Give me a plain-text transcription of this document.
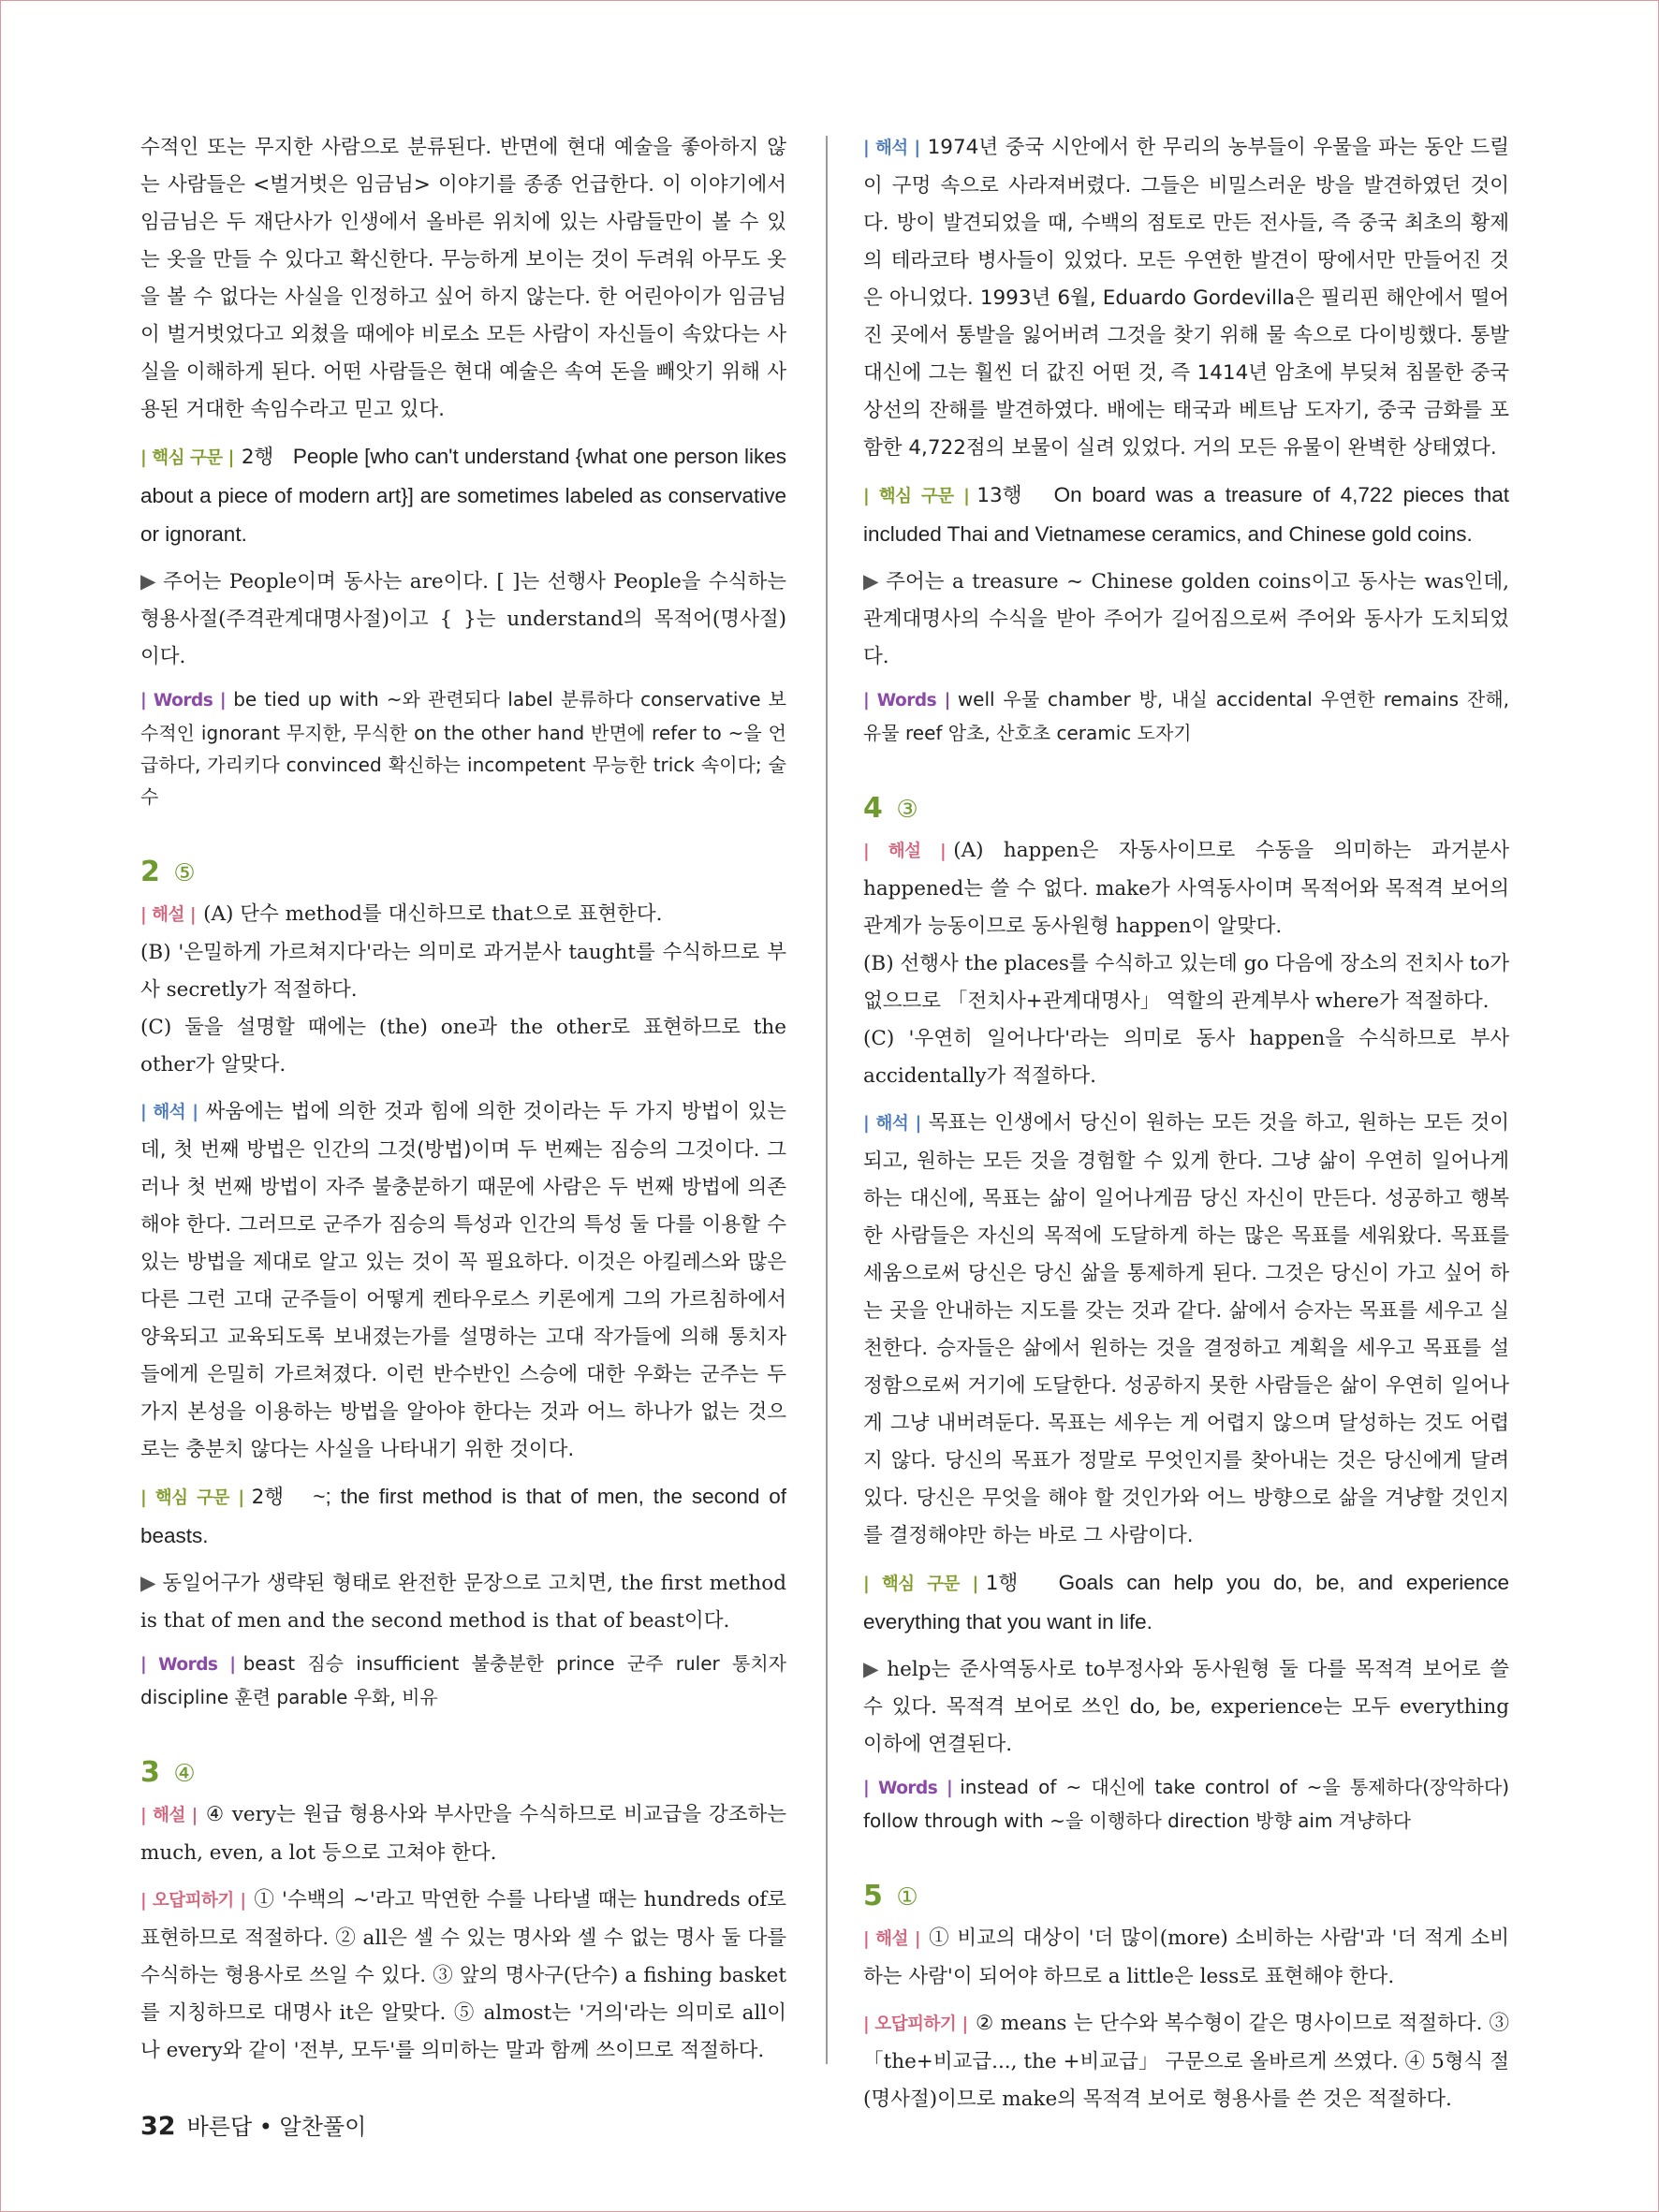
수적인 또는 무지한 사람으로 분류된다. 반면에 현대 예술을 좋아하지 않는 사람들은 <벌거벗은 임금님> 이야기를 종종 언급한다. 이 이야기에서 임금님은 두 재단사가 인생에서 올바른 위치에 있는 사람들만이 볼 수 있는 옷을 만들 수 있다고 확신한다. 무능하게 보이는 것이 두려워 아무도 옷을 볼 수 없다는 사실을 인정하고 싶어 하지 않는다. 한 어린아이가 임금님이 벌거벗었다고 외쳤을 때에야 비로소 모든 사람이 자신들이 속았다는 사실을 이해하게 된다. 어떤 사람들은 현대 예술은 속여 돈을 빼앗기 위해 사용된 거대한 속임수라고 믿고 있다.

| 핵심 구문 | 2행 People [who can't understand {what one person likes about a piece of modern art}] are sometimes labeled as conservative or ignorant.

▶ 주어는 People이며 동사는 are이다. [ ]는 선행사 People을 수식하는 형용사절(주격관계대명사절)이고 { }는 understand의 목적어(명사절)이다.

| Words | be tied up with ~와 관련되다 label 분류하다 conservative 보수적인 ignorant 무지한, 무식한 on the other hand 반면에 refer to ~을 언급하다, 가리키다 convinced 확신하는 incompetent 무능한 trick 속이다; 술수

2 ⑤
| 해설 | (A) 단수 method를 대신하므로 that으로 표현한다.
(B) '은밀하게 가르쳐지다'라는 의미로 과거분사 taught를 수식하므로 부사 secretly가 적절하다.
(C) 둘을 설명할 때에는 (the) one과 the other로 표현하므로 the other가 알맞다.

| 해석 | 싸움에는 법에 의한 것과 힘에 의한 것이라는 두 가지 방법이 있는데, 첫 번째 방법은 인간의 그것(방법)이며 두 번째는 짐승의 그것이다. 그러나 첫 번째 방법이 자주 불충분하기 때문에 사람은 두 번째 방법에 의존해야 한다. 그러므로 군주가 짐승의 특성과 인간의 특성 둘 다를 이용할 수 있는 방법을 제대로 알고 있는 것이 꼭 필요하다. 이것은 아킬레스와 많은 다른 그런 고대 군주들이 어떻게 켄타우로스 키론에게 그의 가르침하에서 양육되고 교육되도록 보내졌는가를 설명하는 고대 작가들에 의해 통치자들에게 은밀히 가르쳐졌다. 이런 반수반인 스승에 대한 우화는 군주는 두 가지 본성을 이용하는 방법을 알아야 한다는 것과 어느 하나가 없는 것으로는 충분치 않다는 사실을 나타내기 위한 것이다.

| 핵심 구문 | 2행 ~; the first method is that of men, the second of beasts.

▶ 동일어구가 생략된 형태로 완전한 문장으로 고치면, the first method is that of men and the second method is that of beast이다.

| Words | beast 짐승 insufficient 불충분한 prince 군주 ruler 통치자 discipline 훈련 parable 우화, 비유

3 ④

| 해설 | ④ very는 원급 형용사와 부사만을 수식하므로 비교급을 강조하는 much, even, a lot 등으로 고쳐야 한다.

| 오답피하기 | ① '수백의 ~'라고 막연한 수를 나타낼 때는 hundreds of로 표현하므로 적절하다. ② all은 셀 수 있는 명사와 셀 수 없는 명사 둘 다를 수식하는 형용사로 쓰일 수 있다. ③ 앞의 명사구(단수) a fishing basket를 지칭하므로 대명사 it은 알맞다. ⑤ almost는 '거의'라는 의미로 all이나 every와 같이 '전부, 모두'를 의미하는 말과 함께 쓰이므로 적절하다.

| 해석 | 1974년 중국 시안에서 한 무리의 농부들이 우물을 파는 동안 드릴이 구멍 속으로 사라져버렸다. 그들은 비밀스러운 방을 발견하였던 것이다. 방이 발견되었을 때, 수백의 점토로 만든 전사들, 즉 중국 최초의 황제의 테라코타 병사들이 있었다. 모든 우연한 발견이 땅에서만 만들어진 것은 아니었다. 1993년 6월, Eduardo Gordevilla은 필리핀 해안에서 떨어진 곳에서 통발을 잃어버려 그것을 찾기 위해 물 속으로 다이빙했다. 통발 대신에 그는 훨씬 더 값진 어떤 것, 즉 1414년 암초에 부딪쳐 침몰한 중국 상선의 잔해를 발견하였다. 배에는 태국과 베트남 도자기, 중국 금화를 포함한 4,722점의 보물이 실려 있었다. 거의 모든 유물이 완벽한 상태였다.

| 핵심 구문 | 13행 On board was a treasure of 4,722 pieces that included Thai and Vietnamese ceramics, and Chinese gold coins.

▶ 주어는 a treasure ~ Chinese golden coins이고 동사는 was인데, 관계대명사의 수식을 받아 주어가 길어짐으로써 주어와 동사가 도치되었다.

| Words | well 우물 chamber 방, 내실 accidental 우연한 remains 잔해, 유물 reef 암초, 산호초 ceramic 도자기

4 ③
| 해설 | (A) happen은 자동사이므로 수동을 의미하는 과거분사 happened는 쓸 수 없다. make가 사역동사이며 목적어와 목적격 보어의 관계가 능동이므로 동사원형 happen이 알맞다.
(B) 선행사 the places를 수식하고 있는데 go 다음에 장소의 전치사 to가 없으므로 「전치사+관계대명사」 역할의 관계부사 where가 적절하다.
(C) '우연히 일어나다'라는 의미로 동사 happen을 수식하므로 부사 accidentally가 적절하다.

| 해석 | 목표는 인생에서 당신이 원하는 모든 것을 하고, 원하는 모든 것이 되고, 원하는 모든 것을 경험할 수 있게 한다. 그냥 삶이 우연히 일어나게 하는 대신에, 목표는 삶이 일어나게끔 당신 자신이 만든다. 성공하고 행복한 사람들은 자신의 목적에 도달하게 하는 많은 목표를 세워왔다. 목표를 세움으로써 당신은 당신 삶을 통제하게 된다. 그것은 당신이 가고 싶어 하는 곳을 안내하는 지도를 갖는 것과 같다. 삶에서 승자는 목표를 세우고 실천한다. 승자들은 삶에서 원하는 것을 결정하고 계획을 세우고 목표를 설정함으로써 거기에 도달한다. 성공하지 못한 사람들은 삶이 우연히 일어나게 그냥 내버려둔다. 목표는 세우는 게 어렵지 않으며 달성하는 것도 어렵지 않다. 당신의 목표가 정말로 무엇인지를 찾아내는 것은 당신에게 달려있다. 당신은 무엇을 해야 할 것인가와 어느 방향으로 삶을 겨냥할 것인지를 결정해야만 하는 바로 그 사람이다.

| 핵심 구문 | 1행 Goals can help you do, be, and experience everything that you want in life.

▶ help는 준사역동사로 to부정사와 동사원형 둘 다를 목적격 보어로 쓸 수 있다. 목적격 보어로 쓰인 do, be, experience는 모두 everything 이하에 연결된다.

| Words | instead of ~ 대신에 take control of ~을 통제하다(장악하다) follow through with ~을 이행하다 direction 방향 aim 겨냥하다

5 ①

| 해설 | ① 비교의 대상이 '더 많이(more) 소비하는 사람'과 '더 적게 소비하는 사람'이 되어야 하므로 a little은 less로 표현해야 한다.

| 오답피하기 | ② means 는 단수와 복수형이 같은 명사이므로 적절하다. ③「the+비교급..., the +비교급」 구문으로 올바르게 쓰였다. ④ 5형식 절(명사절)이므로 make의 목적격 보어로 형용사를 쓴 것은 적절하다.

32 바른답 • 알찬풀이
